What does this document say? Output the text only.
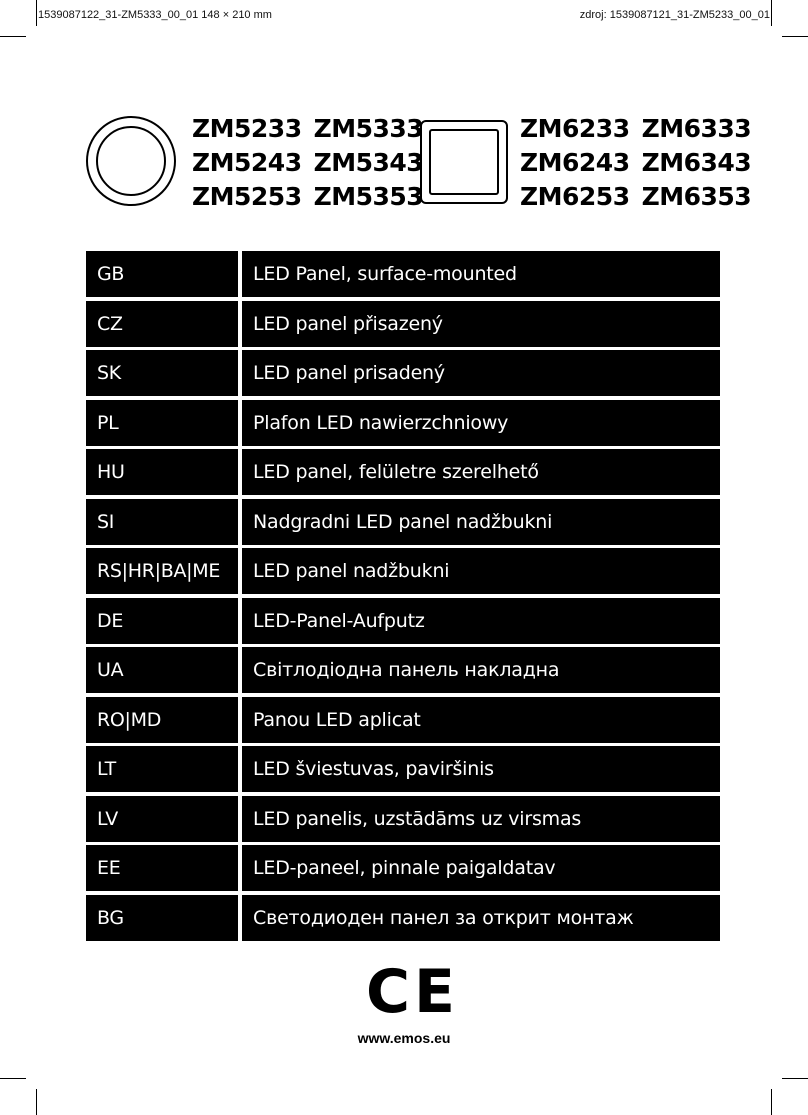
1539087122_31-ZM5333_00_01 148 × 210 mm	zdroj: 1539087121_31-ZM5233_00_01
ZM5233 ZM5333
ZM5243 ZM5343
ZM5253 ZM5353
ZM6233 ZM6333
ZM6243 ZM6343
ZM6253 ZM6353
GB	LED Panel, surface-mounted
CZ	LED panel přisazený
SK	LED panel prisadený
PL	Plafon LED nawierzchniowy
HU	LED panel, felületre szerelhető
SI	Nadgradni LED panel nadžbukni
RS|HR|BA|ME	LED panel nadžbukni
DE	LED-Panel-Aufputz
UA	Світлодіодна панель накладна
RO|MD	Panou LED aplicat
LT	LED šviestuvas, paviršinis
LV	LED panelis, uzstādāms uz virsmas
EE	LED-paneel, pinnale paigaldatav
BG	Светодиоден панел за открит монтаж
CE
www.emos.eu
